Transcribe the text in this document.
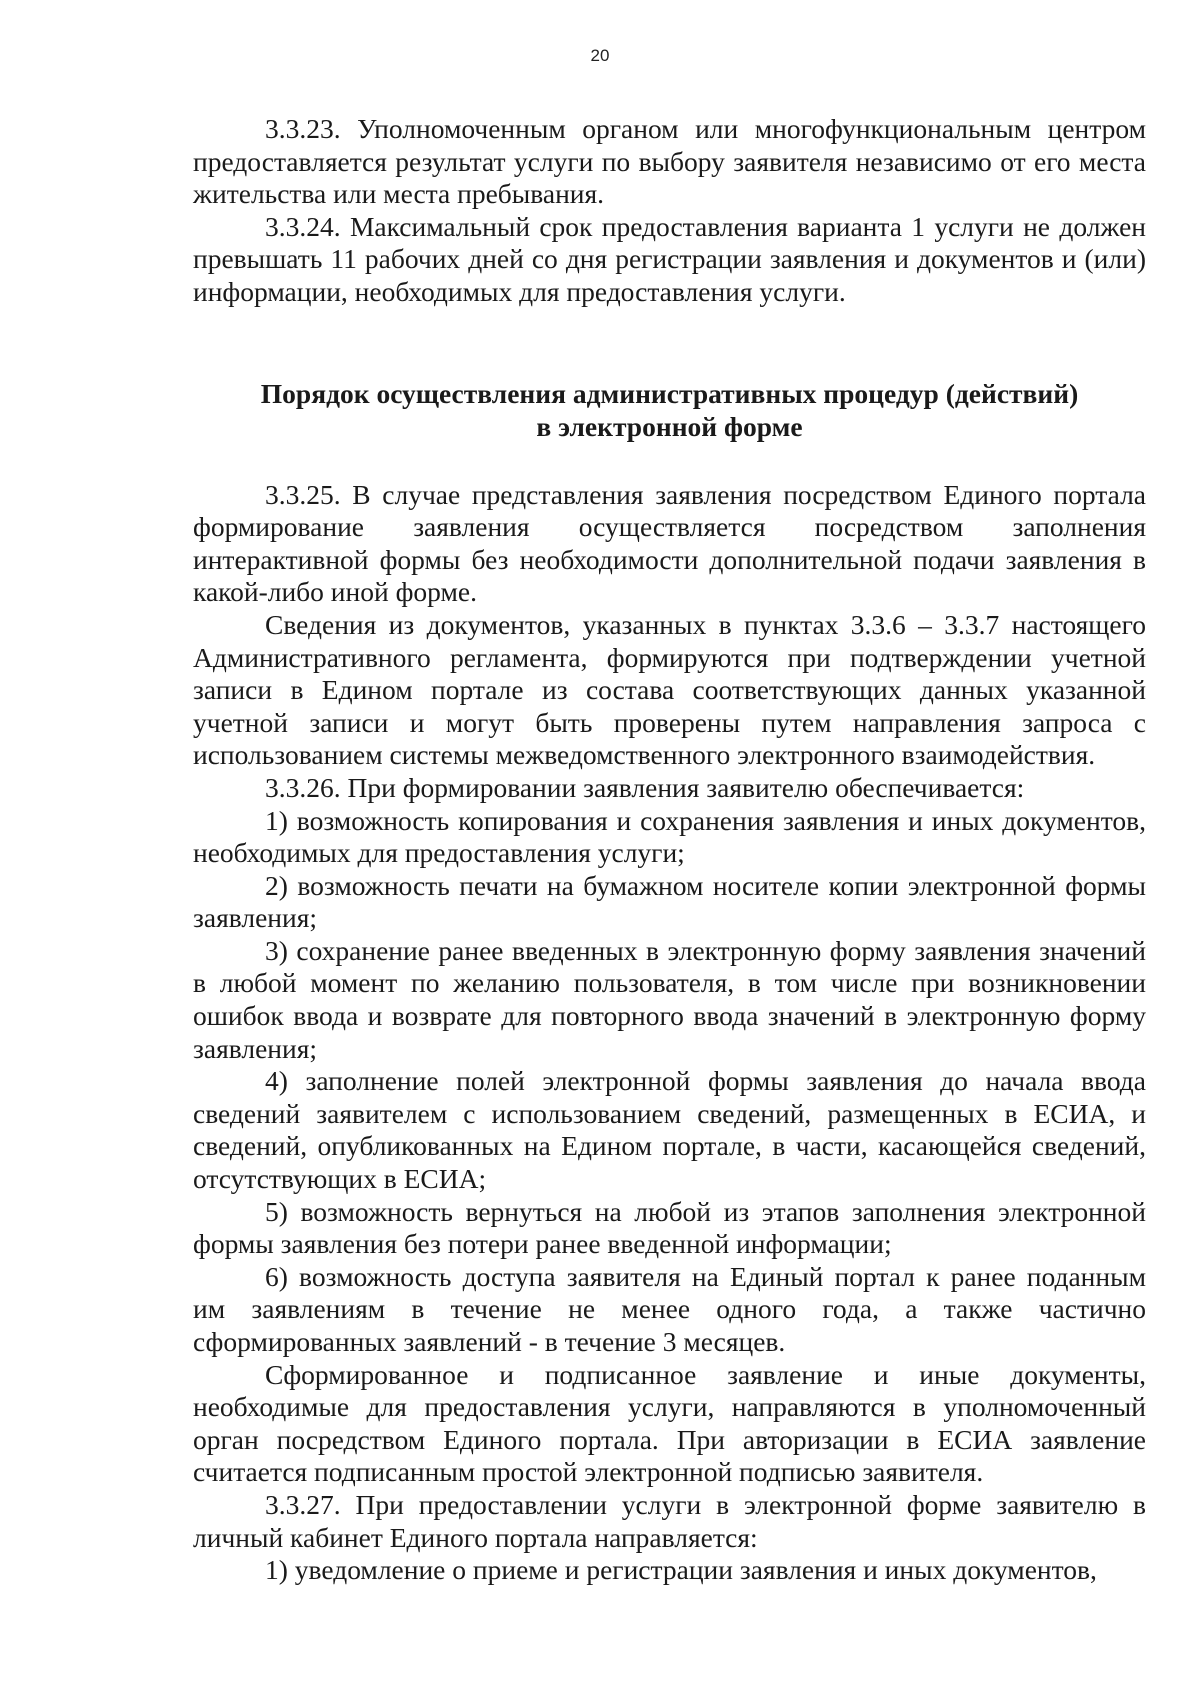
20

3.3.23. Уполномоченным органом или многофункциональным центром предоставляется результат услуги по выбору заявителя независимо от его места жительства или места пребывания.

3.3.24. Максимальный срок предоставления варианта 1 услуги не должен превышать 11 рабочих дней со дня регистрации заявления и документов и (или) информации, необходимых для предоставления услуги.

Порядок осуществления административных процедур (действий)
в электронной форме

3.3.25. В случае представления заявления посредством Единого портала формирование заявления осуществляется посредством заполнения интерактивной формы без необходимости дополнительной подачи заявления в какой-либо иной форме.

Сведения из документов, указанных в пунктах 3.3.6 – 3.3.7 настоящего Административного регламента, формируются при подтверждении учетной записи в Едином портале из состава соответствующих данных указанной учетной записи и могут быть проверены путем направления запроса с использованием системы межведомственного электронного взаимодействия.

3.3.26. При формировании заявления заявителю обеспечивается:

1) возможность копирования и сохранения заявления и иных документов, необходимых для предоставления услуги;

2) возможность печати на бумажном носителе копии электронной формы заявления;

3) сохранение ранее введенных в электронную форму заявления значений в любой момент по желанию пользователя, в том числе при возникновении ошибок ввода и возврате для повторного ввода значений в электронную форму заявления;

4) заполнение полей электронной формы заявления до начала ввода сведений заявителем с использованием сведений, размещенных в ЕСИА, и сведений, опубликованных на Едином портале, в части, касающейся сведений, отсутствующих в ЕСИА;

5) возможность вернуться на любой из этапов заполнения электронной формы заявления без потери ранее введенной информации;

6) возможность доступа заявителя на Единый портал к ранее поданным им заявлениям в течение не менее одного года, а также частично сформированных заявлений - в течение 3 месяцев.

Сформированное и подписанное заявление и иные документы, необходимые для предоставления услуги, направляются в уполномоченный орган посредством Единого портала. При авторизации в ЕСИА заявление считается подписанным простой электронной подписью заявителя.

3.3.27. При предоставлении услуги в электронной форме заявителю в личный кабинет Единого портала направляется:

1) уведомление о приеме и регистрации заявления и иных документов,
